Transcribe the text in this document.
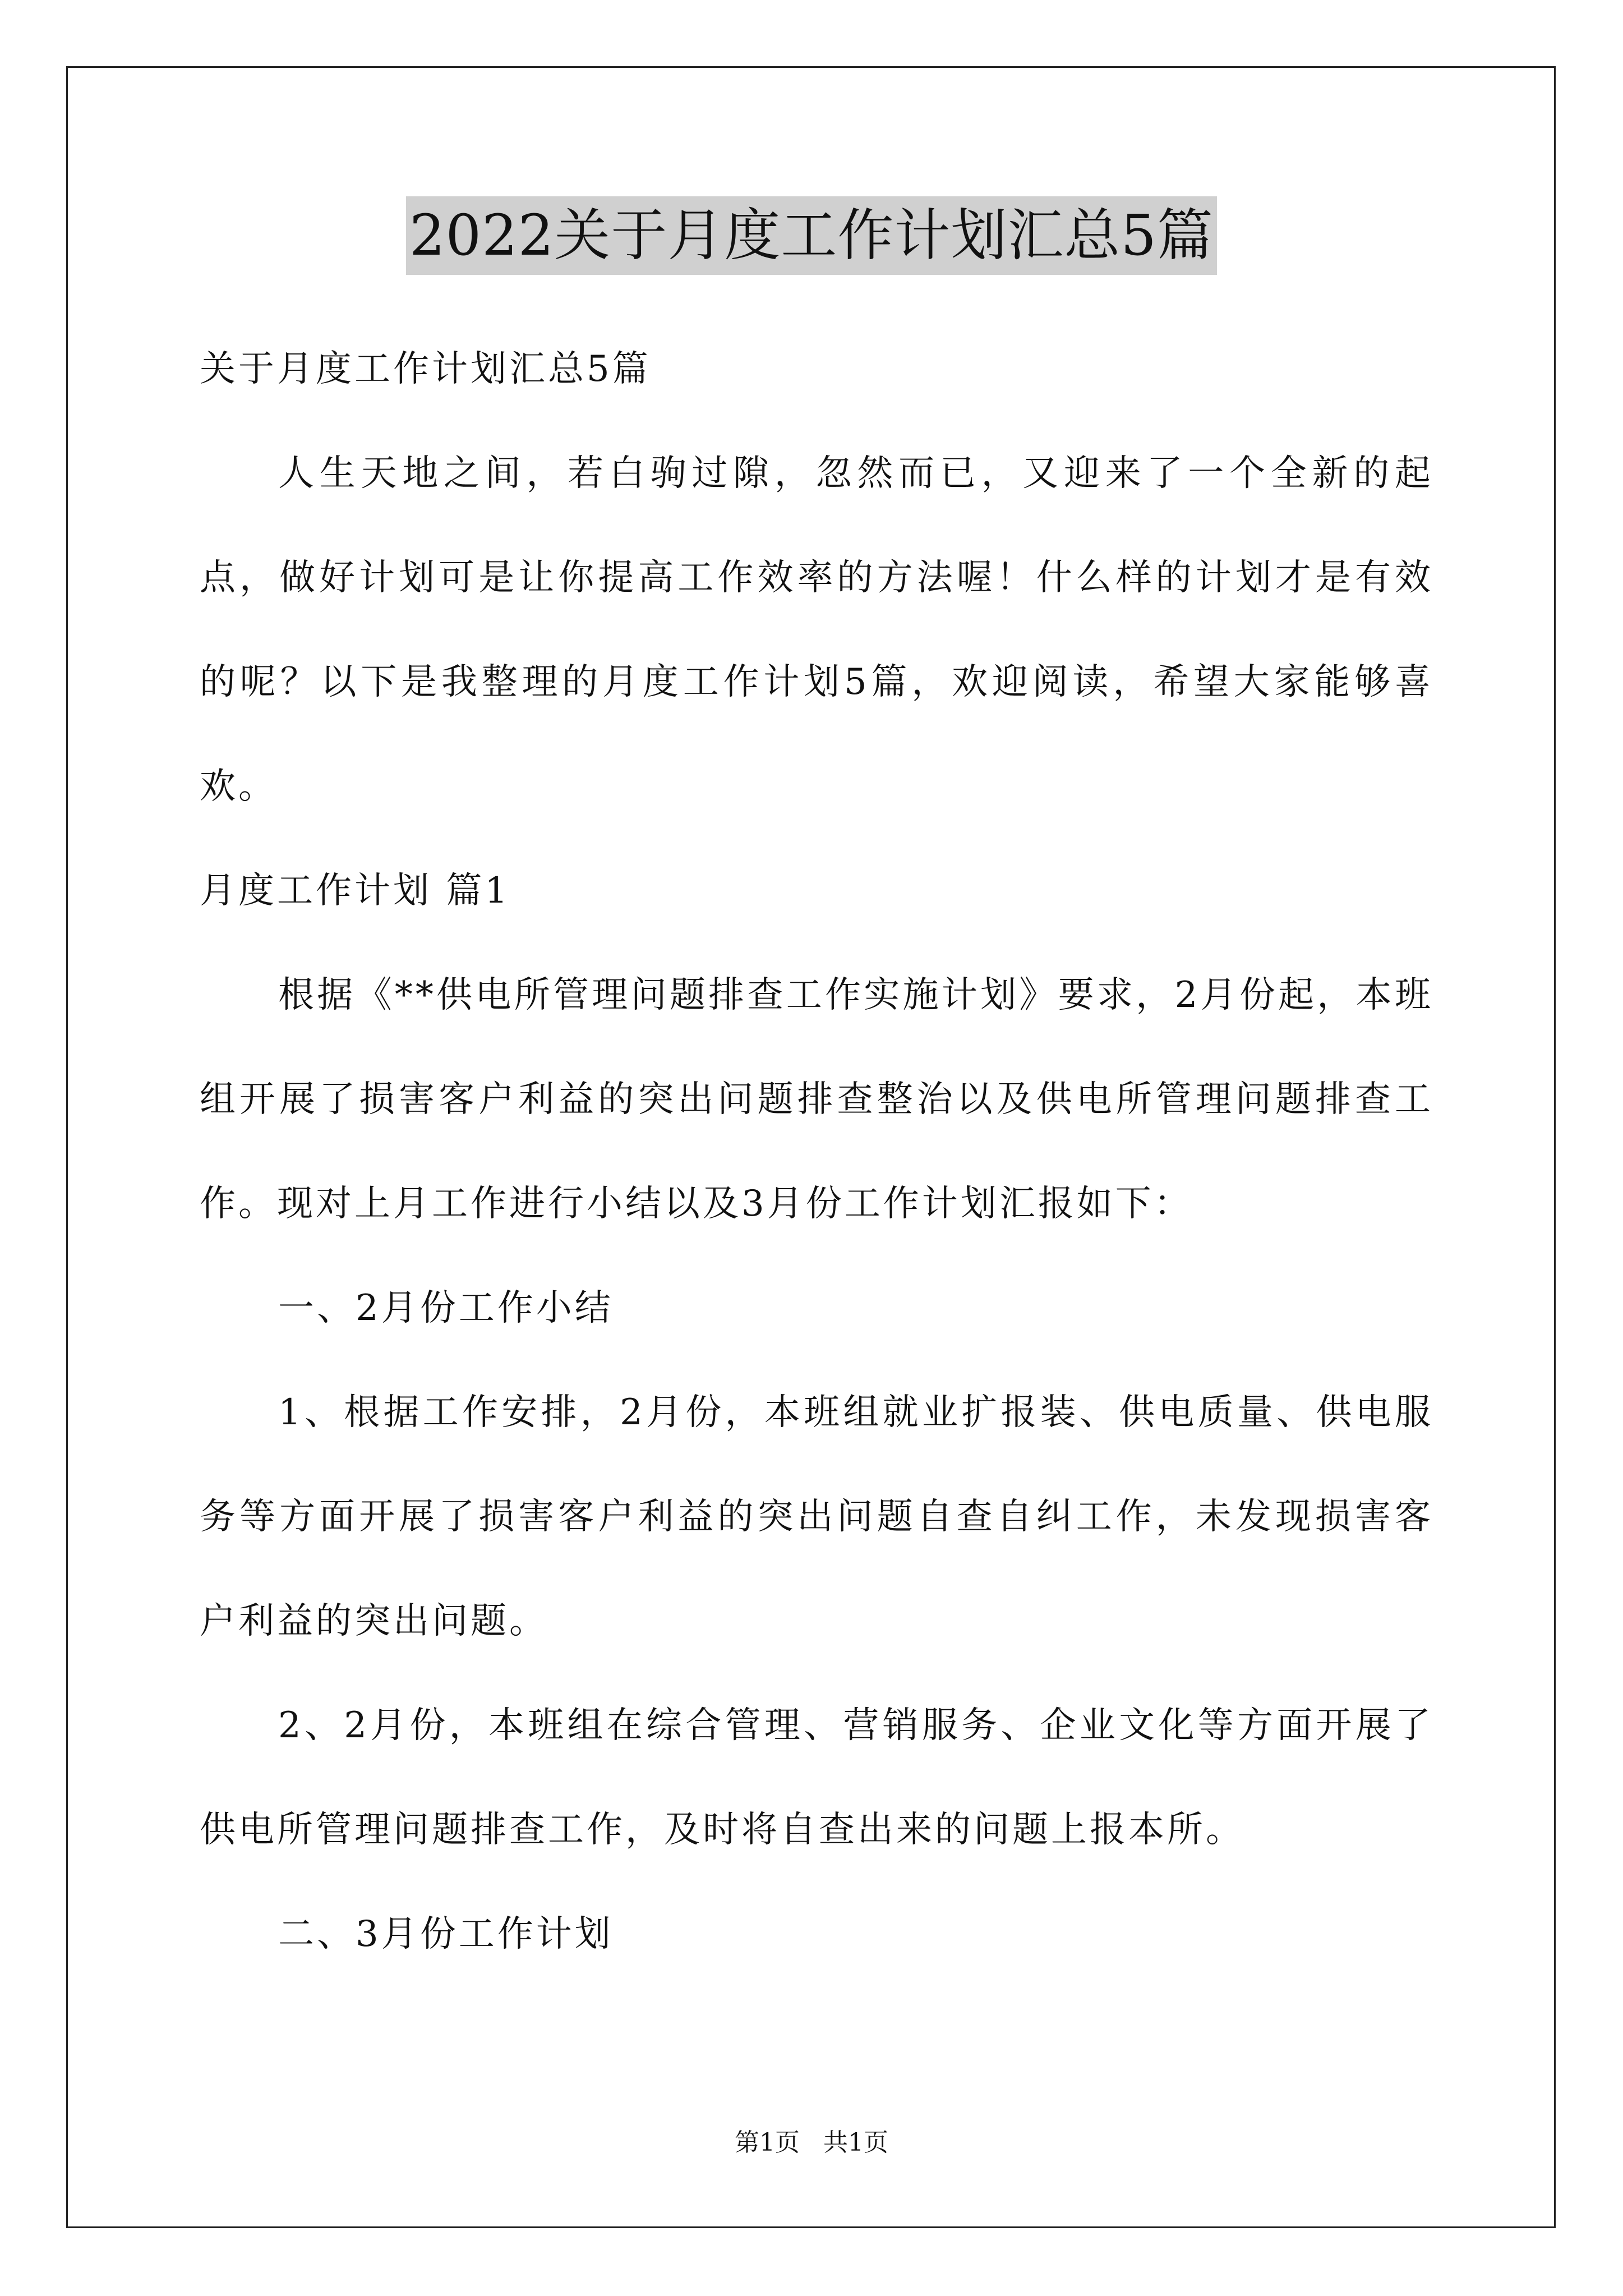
2022关于月度工作计划汇总5篇

关于月度工作计划汇总5篇

人生天地之间，若白驹过隙，忽然而已，又迎来了一个全新的起点，做好计划可是让你提高工作效率的方法喔！什么样的计划才是有效的呢？以下是我整理的月度工作计划5篇，欢迎阅读，希望大家能够喜欢。

月度工作计划 篇1

根据《**供电所管理问题排查工作实施计划》要求，2月份起，本班组开展了损害客户利益的突出问题排查整治以及供电所管理问题排查工作。现对上月工作进行小结以及3月份工作计划汇报如下：

一、2月份工作小结

1、根据工作安排，2月份，本班组就业扩报装、供电质量、供电服务等方面开展了损害客户利益的突出问题自查自纠工作，未发现损害客户利益的突出问题。

2、2月份，本班组在综合管理、营销服务、企业文化等方面开展了供电所管理问题排查工作，及时将自查出来的问题上报本所。

二、3月份工作计划

第1页   共1页
